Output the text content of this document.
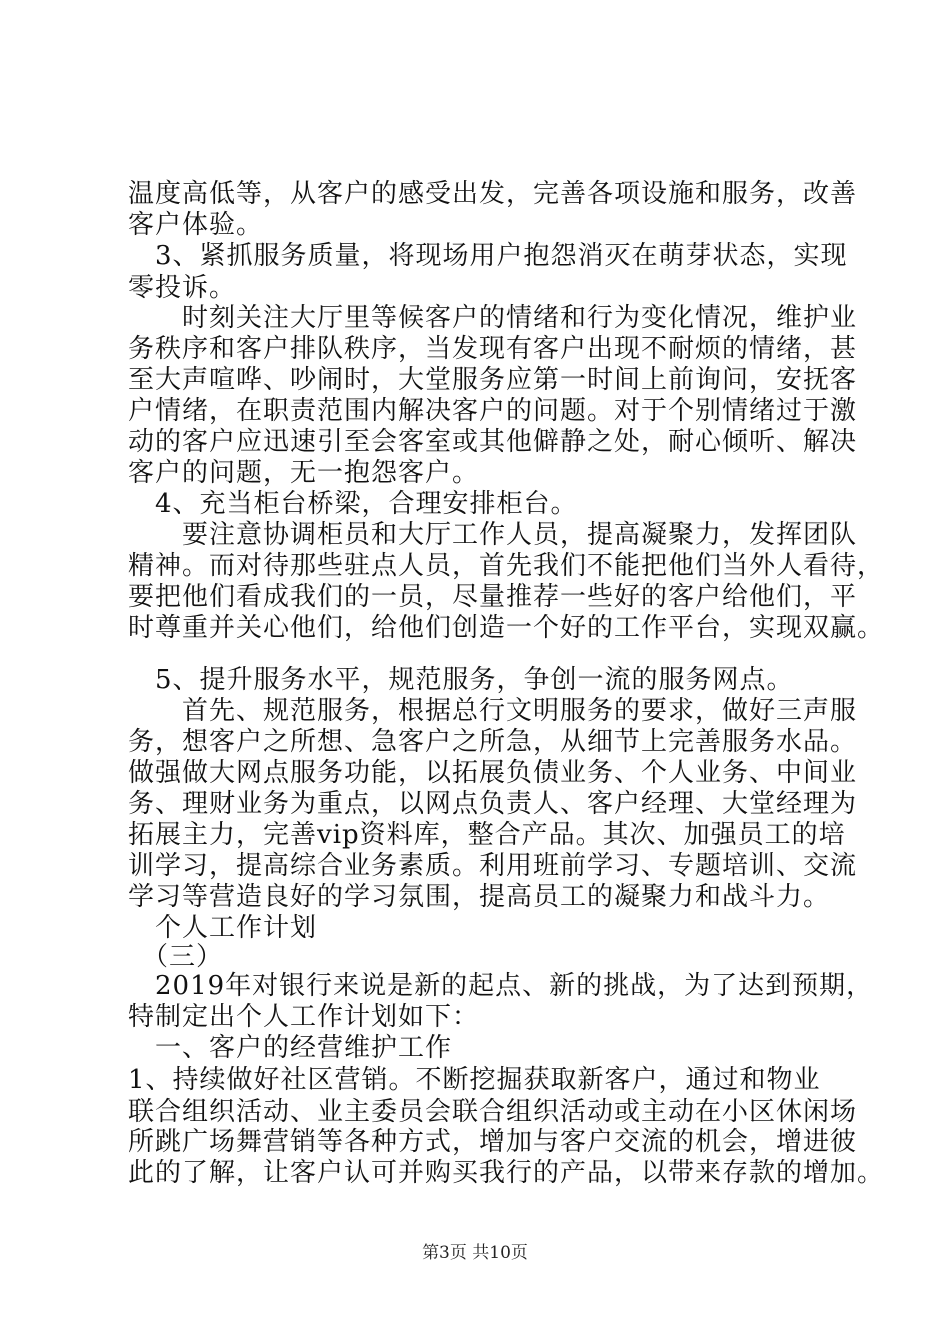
温度高低等，从客户的感受出发，完善各项设施和服务，改善
客户体验。
　3、紧抓服务质量，将现场用户抱怨消灭在萌芽状态，实现
零投诉。
　　时刻关注大厅里等候客户的情绪和行为变化情况，维护业
务秩序和客户排队秩序，当发现有客户出现不耐烦的情绪，甚
至大声喧哗、吵闹时，大堂服务应第一时间上前询问，安抚客
户情绪，在职责范围内解决客户的问题。对于个别情绪过于激
动的客户应迅速引至会客室或其他僻静之处，耐心倾听、解决
客户的问题，无一抱怨客户。
　4、充当柜台桥梁，合理安排柜台。
　　要注意协调柜员和大厅工作人员，提高凝聚力，发挥团队
精神。而对待那些驻点人员，首先我们不能把他们当外人看待，
要把他们看成我们的一员，尽量推荐一些好的客户给他们，平
时尊重并关心他们，给他们创造一个好的工作平台，实现双赢。
　5、提升服务水平，规范服务，争创一流的服务网点。
　　首先、规范服务，根据总行文明服务的要求，做好三声服
务，想客户之所想、急客户之所急，从细节上完善服务水品。
做强做大网点服务功能，以拓展负债业务、个人业务、中间业
务、理财业务为重点，以网点负责人、客户经理、大堂经理为
拓展主力，完善vip资料库，整合产品。其次、加强员工的培
训学习，提高综合业务素质。利用班前学习、专题培训、交流
学习等营造良好的学习氛围，提高员工的凝聚力和战斗力。
　个人工作计划
　（三）
　2019年对银行来说是新的起点、新的挑战，为了达到预期，
特制定出个人工作计划如下：
　一、客户的经营维护工作
1、持续做好社区营销。不断挖掘获取新客户，通过和物业
联合组织活动、业主委员会联合组织活动或主动在小区休闲场
所跳广场舞营销等各种方式，增加与客户交流的机会，增进彼
此的了解，让客户认可并购买我行的产品，以带来存款的增加。
第3页 共10页
